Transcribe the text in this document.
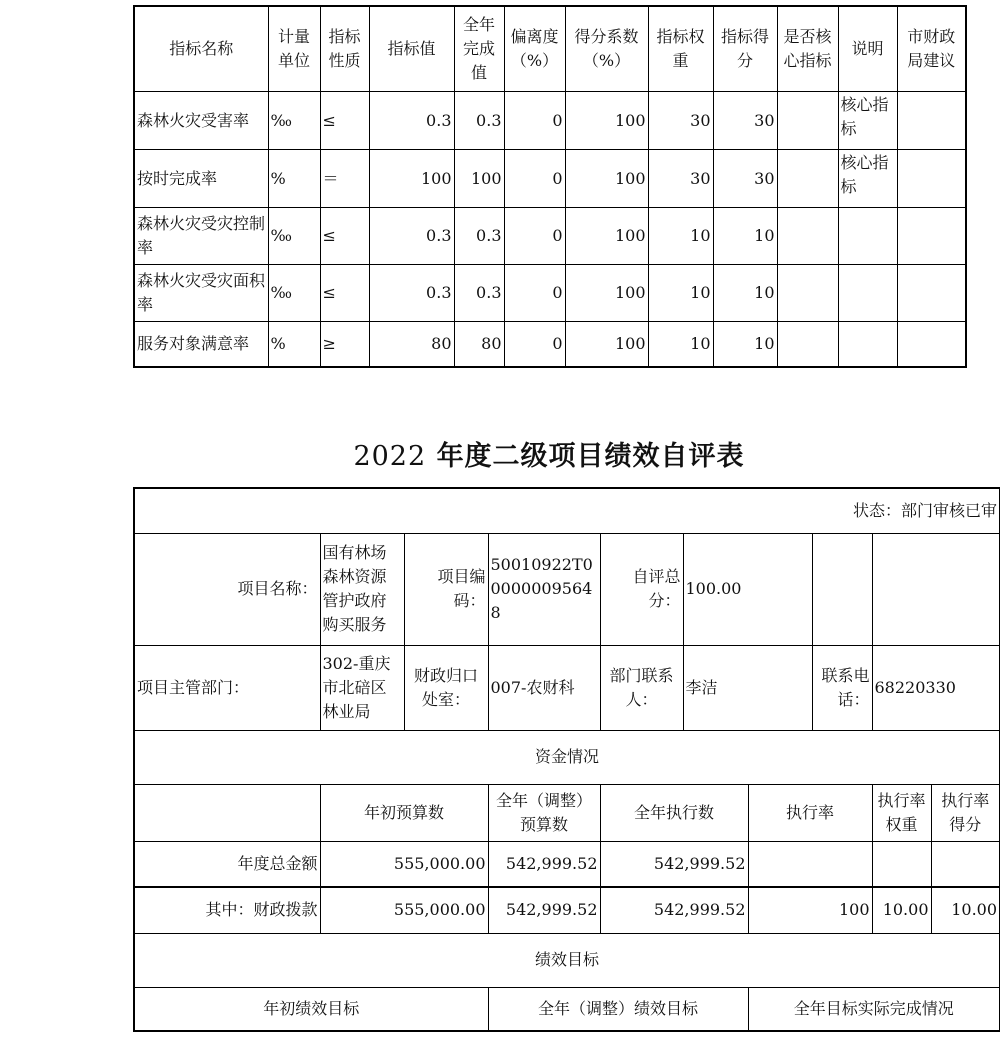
指标名称	计量单位	指标性质	指标值	全年完成值	偏离度（%）	得分系数（%）	指标权重	指标得分	是否核心指标	说明	市财政局建议
森林火灾受害率	‰	≤	0.3	0.3	0	100	30	30		核心指标	
按时完成率	%	＝	100	100	0	100	30	30		核心指标	
森林火灾受灾控制率	‰	≤	0.3	0.3	0	100	10	10			
森林火灾受灾面积率	‰	≤	0.3	0.3	0	100	10	10			
服务对象满意率	%	≥	80	80	0	100	10	10			
2022 年度二级项目绩效自评表
状态：部门审核已审									
项目名称：	国有林场森林资源管护政府购买服务	项目编码：	50010922T000000095648	自评总分：	100.00				
项目主管部门：	302-重庆市北碚区林业局	财政归口处室：	007-农财科	部门联系人：	李洁		联系电话：	68220330	
资金情况									
	年初预算数		全年（调整）预算数	全年执行数		执行率		执行率权重	执行率得分
年度总金额	555,000.00		542,999.52	542,999.52					
其中：财政拨款	555,000.00		542,999.52	542,999.52		100		10.00	10.00
绩效目标									
年初绩效目标			全年（调整）绩效目标			全年目标实际完成情况			
